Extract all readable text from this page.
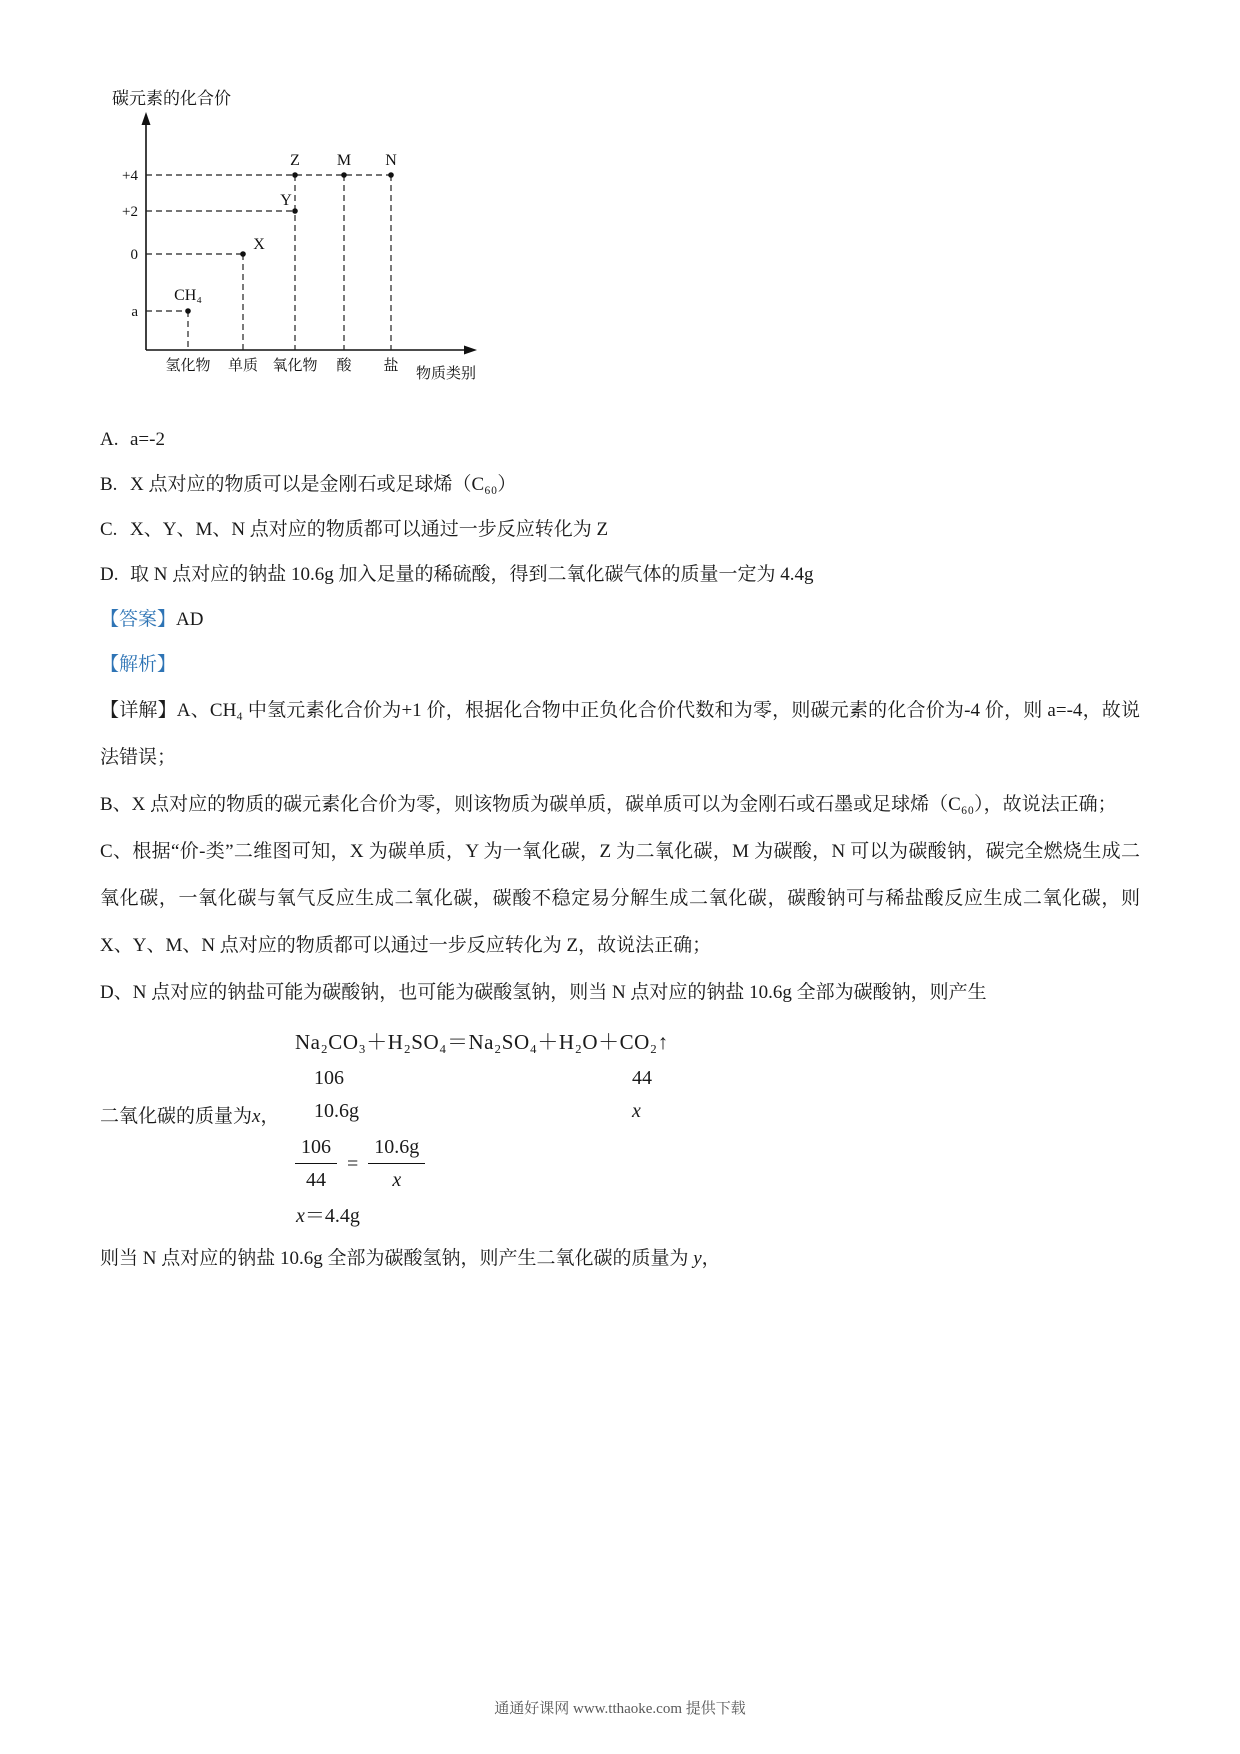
碳元素的化合价
+4
+2
0
a
CH₄
X
Y
Z M N
氢化物 单质 氧化物 酸 盐 物质类别
A. a=-2
B. X 点对应的物质可以是金刚石或足球烯（C₆₀）
C. X、Y、M、N 点对应的物质都可以通过一步反应转化为 Z
D. 取 N 点对应的钠盐 10.6g 加入足量的稀硫酸，得到二氧化碳气体的质量一定为 4.4g
【答案】AD
【解析】

【详解】A、CH₄ 中氢元素化合价为+1 价，根据化合物中正负化合价代数和为零，则碳元素的化合价为-4 价，则 a=-4，故说法错误；

B、X 点对应的物质的碳元素化合价为零，则该物质为碳单质，碳单质可以为金刚石或石墨或足球烯（C₆₀），故说法正确；

C、根据“价-类”二维图可知，X 为碳单质，Y 为一氧化碳，Z 为二氧化碳，M 为碳酸，N 可以为碳酸钠，碳完全燃烧生成二氧化碳，一氧化碳与氧气反应生成二氧化碳，碳酸不稳定易分解生成二氧化碳，碳酸钠可与稀盐酸反应生成二氧化碳，则 X、Y、M、N 点对应的物质都可以通过一步反应转化为 Z，故说法正确；

D、N 点对应的钠盐可能为碳酸钠，也可能为碳酸氢钠，则当 N 点对应的钠盐 10.6g 全部为碳酸钠，则产生

Na₂CO₃＋H₂SO₄＝Na₂SO₄＋H₂O＋CO₂↑
106	44
10.6g	x
$\frac{106}{44} = \frac{10.6g}{x}$
x＝4.4g
二氧化碳的质量为x，

则当 N 点对应的钠盐 10.6g 全部为碳酸氢钠，则产生二氧化碳的质量为 y，

通通好课网 www.tthaoke.com 提供下载
